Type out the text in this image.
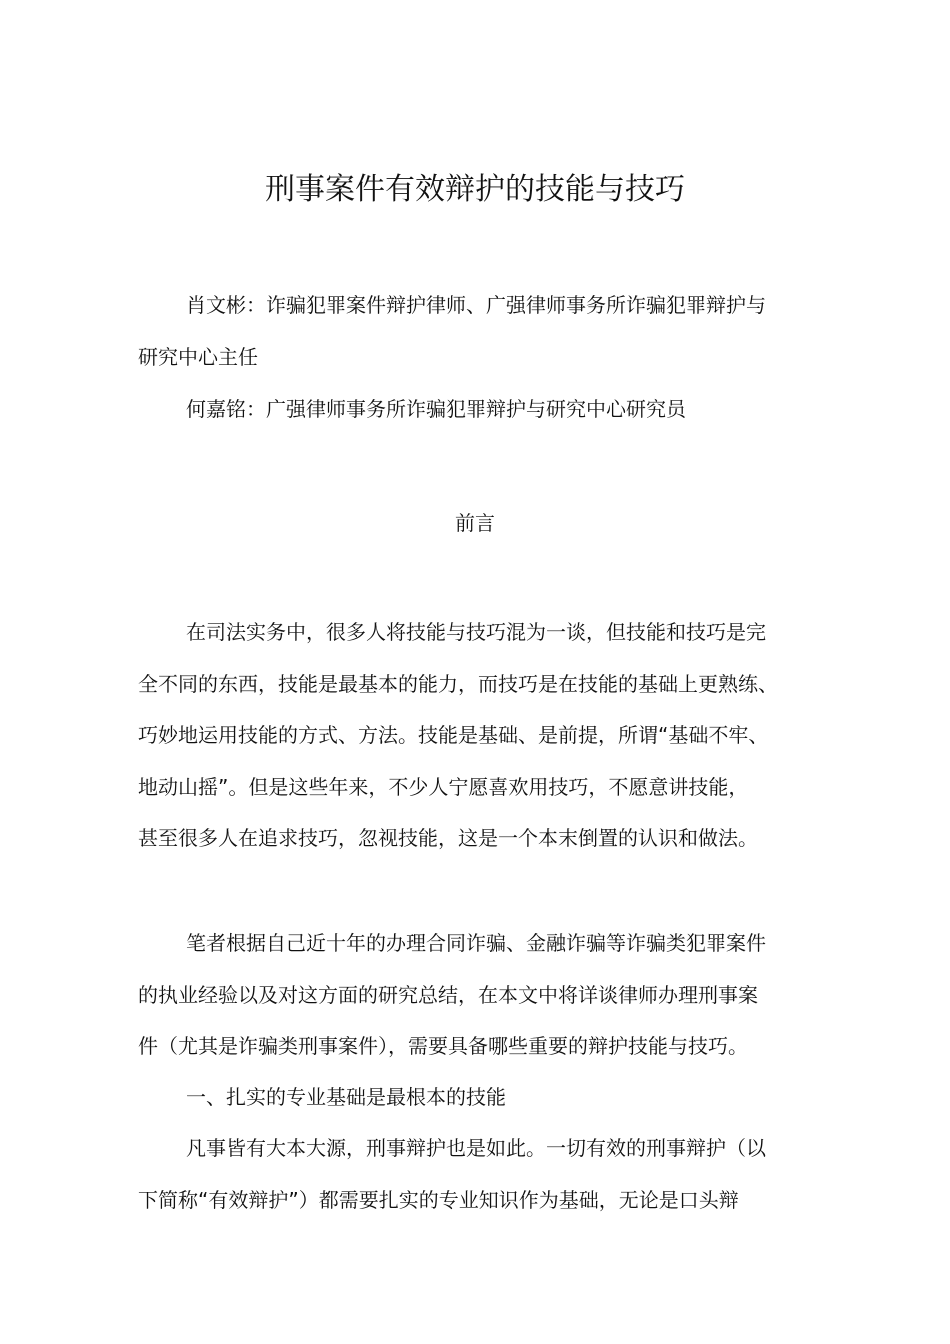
刑事案件有效辩护的技能与技巧
肖文彬：诈骗犯罪案件辩护律师、广强律师事务所诈骗犯罪辩护与
研究中心主任
何嘉铭：广强律师事务所诈骗犯罪辩护与研究中心研究员
前言
在司法实务中，很多人将技能与技巧混为一谈，但技能和技巧是完
全不同的东西，技能是最基本的能力，而技巧是在技能的基础上更熟练、
巧妙地运用技能的方式、方法。技能是基础、是前提，所谓“基础不牢、
地动山摇”。但是这些年来，不少人宁愿喜欢用技巧，不愿意讲技能，
甚至很多人在追求技巧，忽视技能，这是一个本末倒置的认识和做法。
笔者根据自己近十年的办理合同诈骗、金融诈骗等诈骗类犯罪案件
的执业经验以及对这方面的研究总结，在本文中将详谈律师办理刑事案
件（尤其是诈骗类刑事案件），需要具备哪些重要的辩护技能与技巧。
一、扎实的专业基础是最根本的技能
凡事皆有大本大源，刑事辩护也是如此。一切有效的刑事辩护（以
下简称“有效辩护”）都需要扎实的专业知识作为基础，无论是口头辩
